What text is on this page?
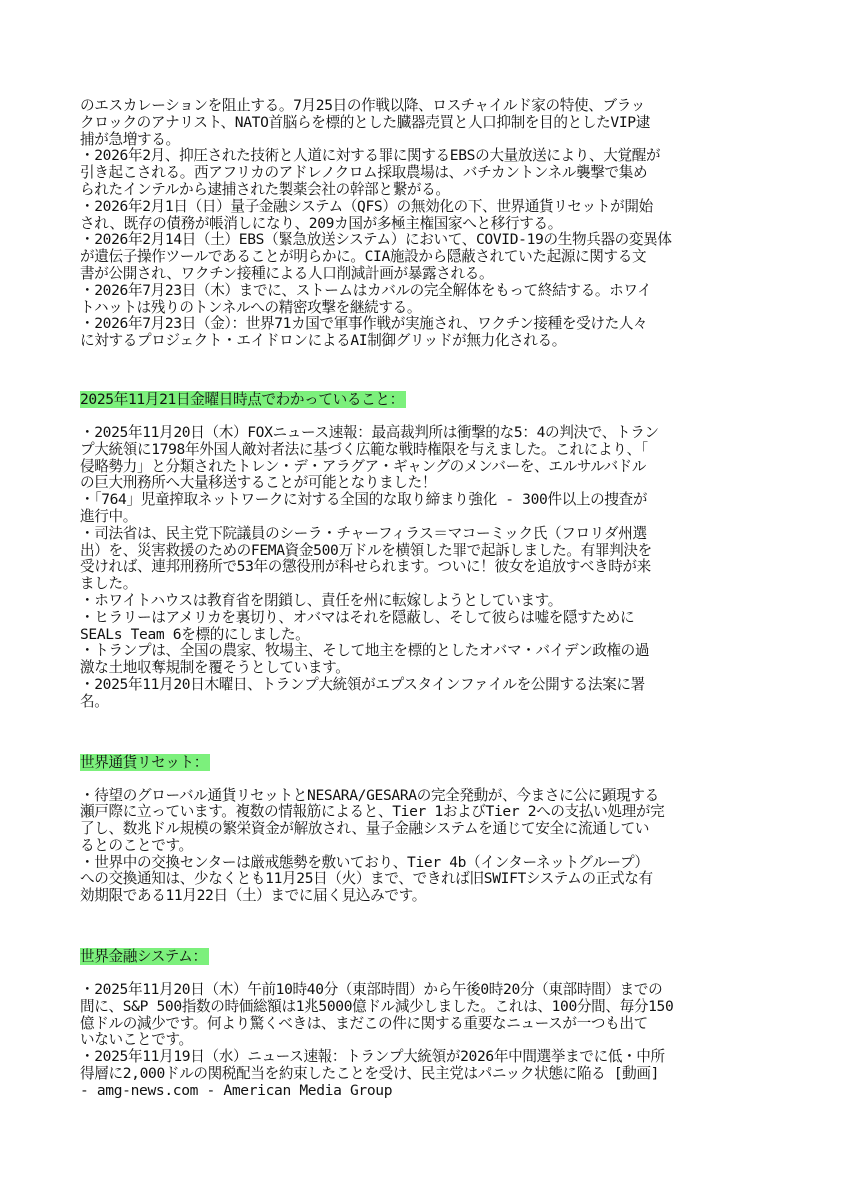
のエスカレーションを阻止する。7月25日の作戦以降、ロスチャイルド家の特使、ブラッ
クロックのアナリスト、NATO首脳らを標的とした臓器売買と人口抑制を目的としたVIP逮
捕が急増する。
・2026年2月、抑圧された技術と人道に対する罪に関するEBSの大量放送により、大覚醒が
引き起こされる。西アフリカのアドレノクロム採取農場は、バチカントンネル襲撃で集め
られたインテルから逮捕された製薬会社の幹部と繋がる。
・2026年2月1日（日）量子金融システム（QFS）の無効化の下、世界通貨リセットが開始
され、既存の債務が帳消しになり、209カ国が多極主権国家へと移行する。
・2026年2月14日（土）EBS（緊急放送システム）において、COVID-19の生物兵器の変異体
が遺伝子操作ツールであることが明らかに。CIA施設から隠蔽されていた起源に関する文
書が公開され、ワクチン接種による人口削減計画が暴露される。
・2026年7月23日（木）までに、ストームはカバルの完全解体をもって終結する。ホワイ
トハットは残りのトンネルへの精密攻撃を継続する。
・2026年7月23日（金）：世界71カ国で軍事作戦が実施され、ワクチン接種を受けた人々
に対するプロジェクト・エイドロンによるAI制御グリッドが無力化される。
2025年11月21日金曜日時点でわかっていること：
・2025年11月20日（木）FOXニュース速報：最高裁判所は衝撃的な5：4の判決で、トラン
プ大統領に1798年外国人敵対者法に基づく広範な戦時権限を与えました。これにより、「
侵略勢力」と分類されたトレン・デ・アラグア・ギャングのメンバーを、エルサルバドル
の巨大刑務所へ大量移送することが可能となりました！
・「764」児童搾取ネットワークに対する全国的な取り締まり強化 - 300件以上の捜査が
進行中。
・司法省は、民主党下院議員のシーラ・チャーフィラス＝マコーミック氏（フロリダ州選
出）を、災害救援のためのFEMA資金500万ドルを横領した罪で起訴しました。有罪判決を
受ければ、連邦刑務所で53年の懲役刑が科せられます。ついに！彼女を追放すべき時が来
ました。
・ホワイトハウスは教育省を閉鎖し、責任を州に転嫁しようとしています。
・ヒラリーはアメリカを裏切り、オバマはそれを隠蔽し、そして彼らは嘘を隠すために
SEALs Team 6を標的にしました。
・トランプは、全国の農家、牧場主、そして地主を標的としたオバマ・バイデン政権の過
激な土地収奪規制を覆そうとしています。
・2025年11月20日木曜日、トランプ大統領がエプスタインファイルを公開する法案に署
名。
世界通貨リセット：
・待望のグローバル通貨リセットとNESARA/GESARAの完全発動が、今まさに公に顕現する
瀬戸際に立っています。複数の情報筋によると、Tier 1およびTier 2への支払い処理が完
了し、数兆ドル規模の繁栄資金が解放され、量子金融システムを通じて安全に流通してい
るとのことです。
・世界中の交換センターは厳戒態勢を敷いており、Tier 4b（インターネットグループ）
への交換通知は、少なくとも11月25日（火）まで、できれば旧SWIFTシステムの正式な有
効期限である11月22日（土）までに届く見込みです。
世界金融システム：
・2025年11月20日（木）午前10時40分（東部時間）から午後0時20分（東部時間）までの
間に、S&P 500指数の時価総額は1兆5000億ドル減少しました。これは、100分間、毎分150
億ドルの減少です。何より驚くべきは、まだこの件に関する重要なニュースが一つも出て
いないことです。
・2025年11月19日（水）ニュース速報：トランプ大統領が2026年中間選挙までに低・中所
得層に2,000ドルの関税配当を約束したことを受け、民主党はパニック状態に陥る [動画]
- amg-news.com - American Media Group
